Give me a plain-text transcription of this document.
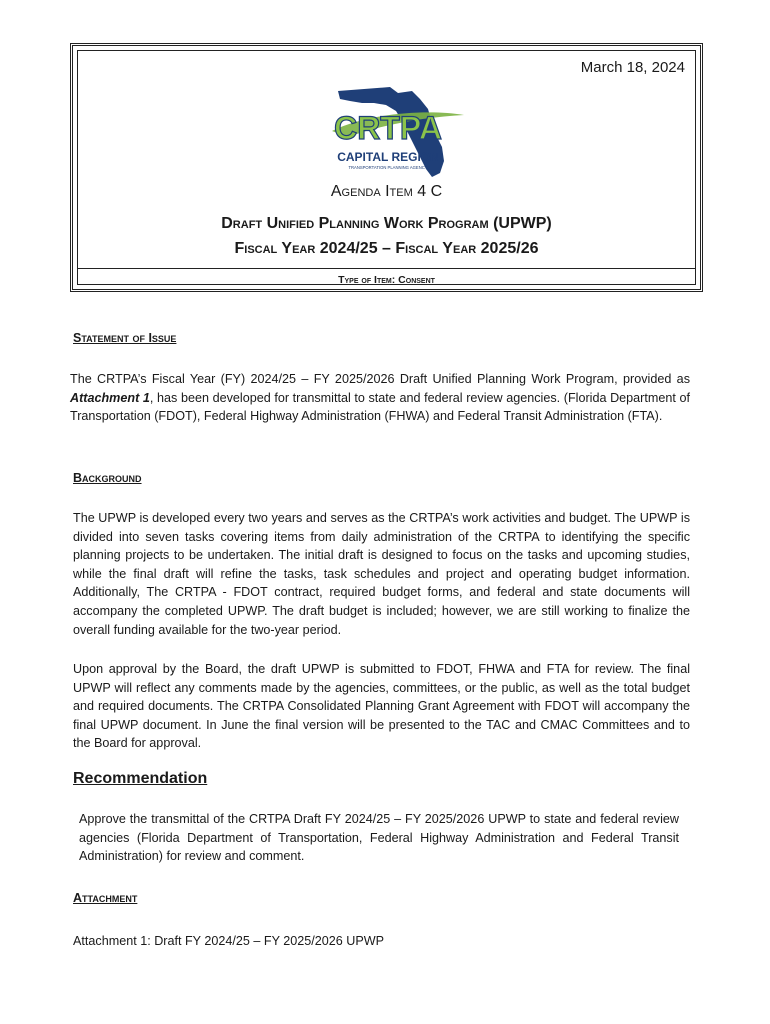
March 18, 2024
CRTPA
CAPITAL REGION
TRANSPORTATION PLANNING AGENCY
Agenda Item 4 C
Draft Unified Planning Work Program (UPWP)
Fiscal Year 2024/25 – Fiscal Year 2025/26
Type of Item: Consent
Statement of Issue
The CRTPA’s Fiscal Year (FY) 2024/25 – FY 2025/2026 Draft Unified Planning Work Program, provided as Attachment 1, has been developed for transmittal to state and federal review agencies. (Florida Department of Transportation (FDOT), Federal Highway Administration (FHWA) and Federal Transit Administration (FTA).
Background
The UPWP is developed every two years and serves as the CRTPA’s work activities and budget. The UPWP is divided into seven tasks covering items from daily administration of the CRTPA to identifying the specific planning projects to be undertaken. The initial draft is designed to focus on the tasks and upcoming studies, while the final draft will refine the tasks, task schedules and project and operating budget information. Additionally, The CRTPA - FDOT contract, required budget forms, and federal and state documents will accompany the completed UPWP. The draft budget is included; however, we are still working to finalize the overall funding available for the two-year period.
Upon approval by the Board, the draft UPWP is submitted to FDOT, FHWA and FTA for review. The final UPWP will reflect any comments made by the agencies, committees, or the public, as well as the total budget and required documents. The CRTPA Consolidated Planning Grant Agreement with FDOT will accompany the final UPWP document. In June the final version will be presented to the TAC and CMAC Committees and to the Board for approval.
Recommendation
Approve the transmittal of the CRTPA Draft FY 2024/25 – FY 2025/2026 UPWP to state and federal review agencies (Florida Department of Transportation, Federal Highway Administration and Federal Transit Administration) for review and comment.
Attachment
Attachment 1: Draft FY 2024/25 – FY 2025/2026 UPWP
